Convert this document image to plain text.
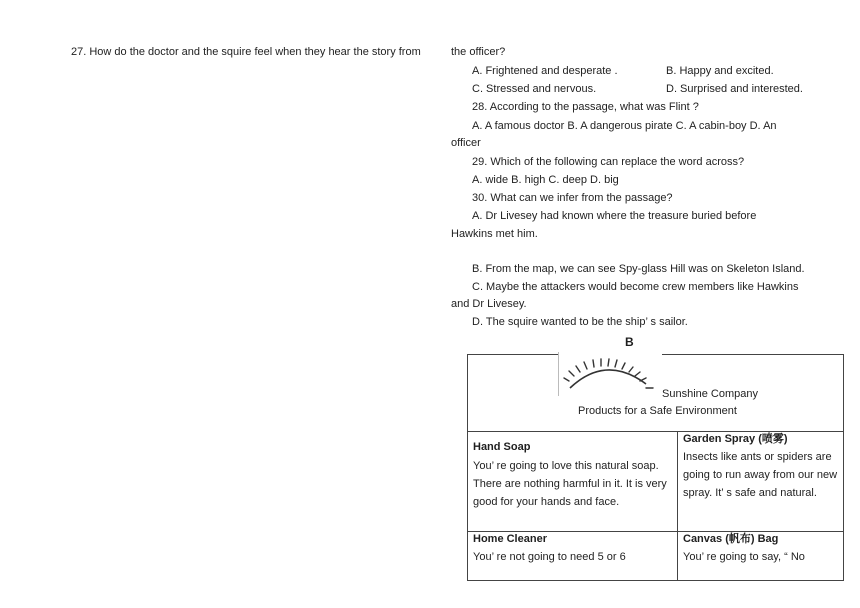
27. How do the doctor and the squire feel when they hear the story from	the officer?
A. Frightened and desperate .	B. Happy and excited.
C. Stressed and nervous.	D. Surprised and interested.
28. According to the passage, what was Flint ?
A. A famous doctor B. A dangerous pirate C. A cabin-boy D. An
officer
29. Which of the following can replace the word across?
A. wide B. high C. deep D. big
30. What can we infer from the passage?
A. Dr Livesey had known where the treasure buried before
Hawkins met him.
B. From the map, we can see Spy-glass Hill was on Skeleton Island.
C. Maybe the attackers would become crew members like Hawkins
and Dr Livesey.
D. The squire wanted to be the ship’ s sailor.
B
Sunshine Company
Products for a Safe Environment
Hand Soap
You’ re going to love this natural soap. There are nothing harmful in it. It is very good for your hands and face.
Garden Spray (喷雾)
Insects like ants or spiders are going to run away from our new spray. It’ s safe and natural.
Home Cleaner
You’ re not going to need 5 or 6
Canvas (帆布) Bag
You’ re going to say, “ No
